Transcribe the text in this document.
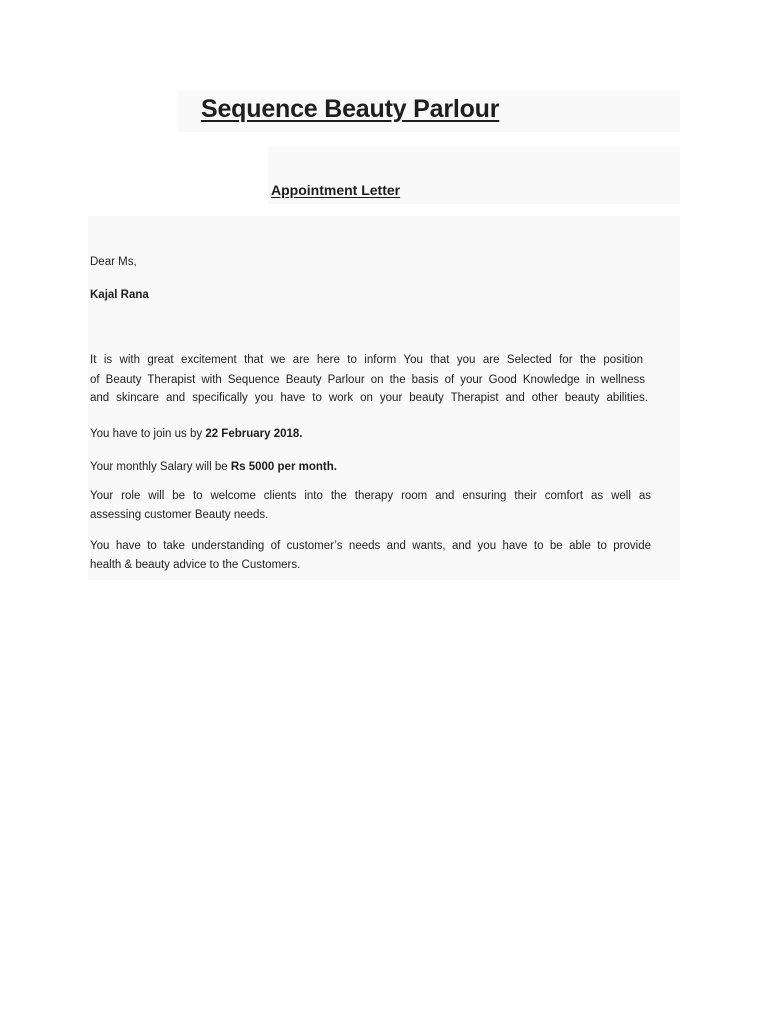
Sequence Beauty Parlour
Appointment Letter

Dear Ms,

Kajal Rana

It is with great excitement that we are here to inform You that you are Selected for the position

of Beauty Therapist with Sequence Beauty Parlour on the basis of your Good Knowledge in wellness

and skincare and specifically you have to work on your beauty Therapist and other beauty abilities.

You have to join us by 22 February 2018.

Your monthly Salary will be Rs 5000 per month.

Your role will be to welcome clients into the therapy room and ensuring their comfort as well as

assessing customer Beauty needs.

You have to take understanding of customer’s needs and wants, and you have to be able to provide

health & beauty advice to the Customers.
